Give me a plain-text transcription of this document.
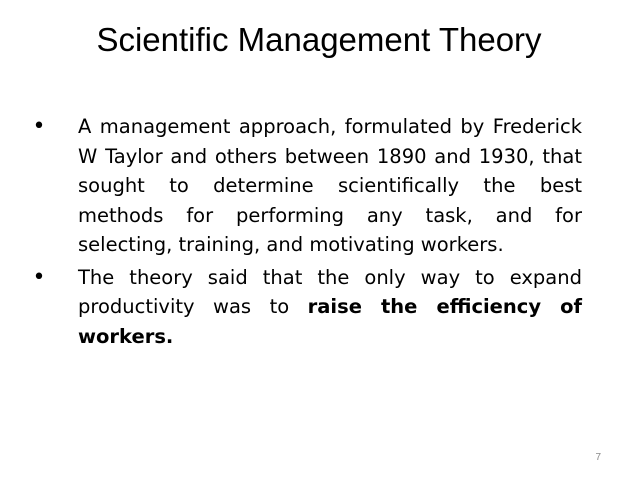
Scientific Management Theory
• A management approach, formulated by Frederick W Taylor and others between 1890 and 1930, that sought to determine scientifically the best methods for performing any task, and for selecting, training, and motivating workers.
• The theory said that the only way to expand productivity was to raise the efficiency of workers.
7
